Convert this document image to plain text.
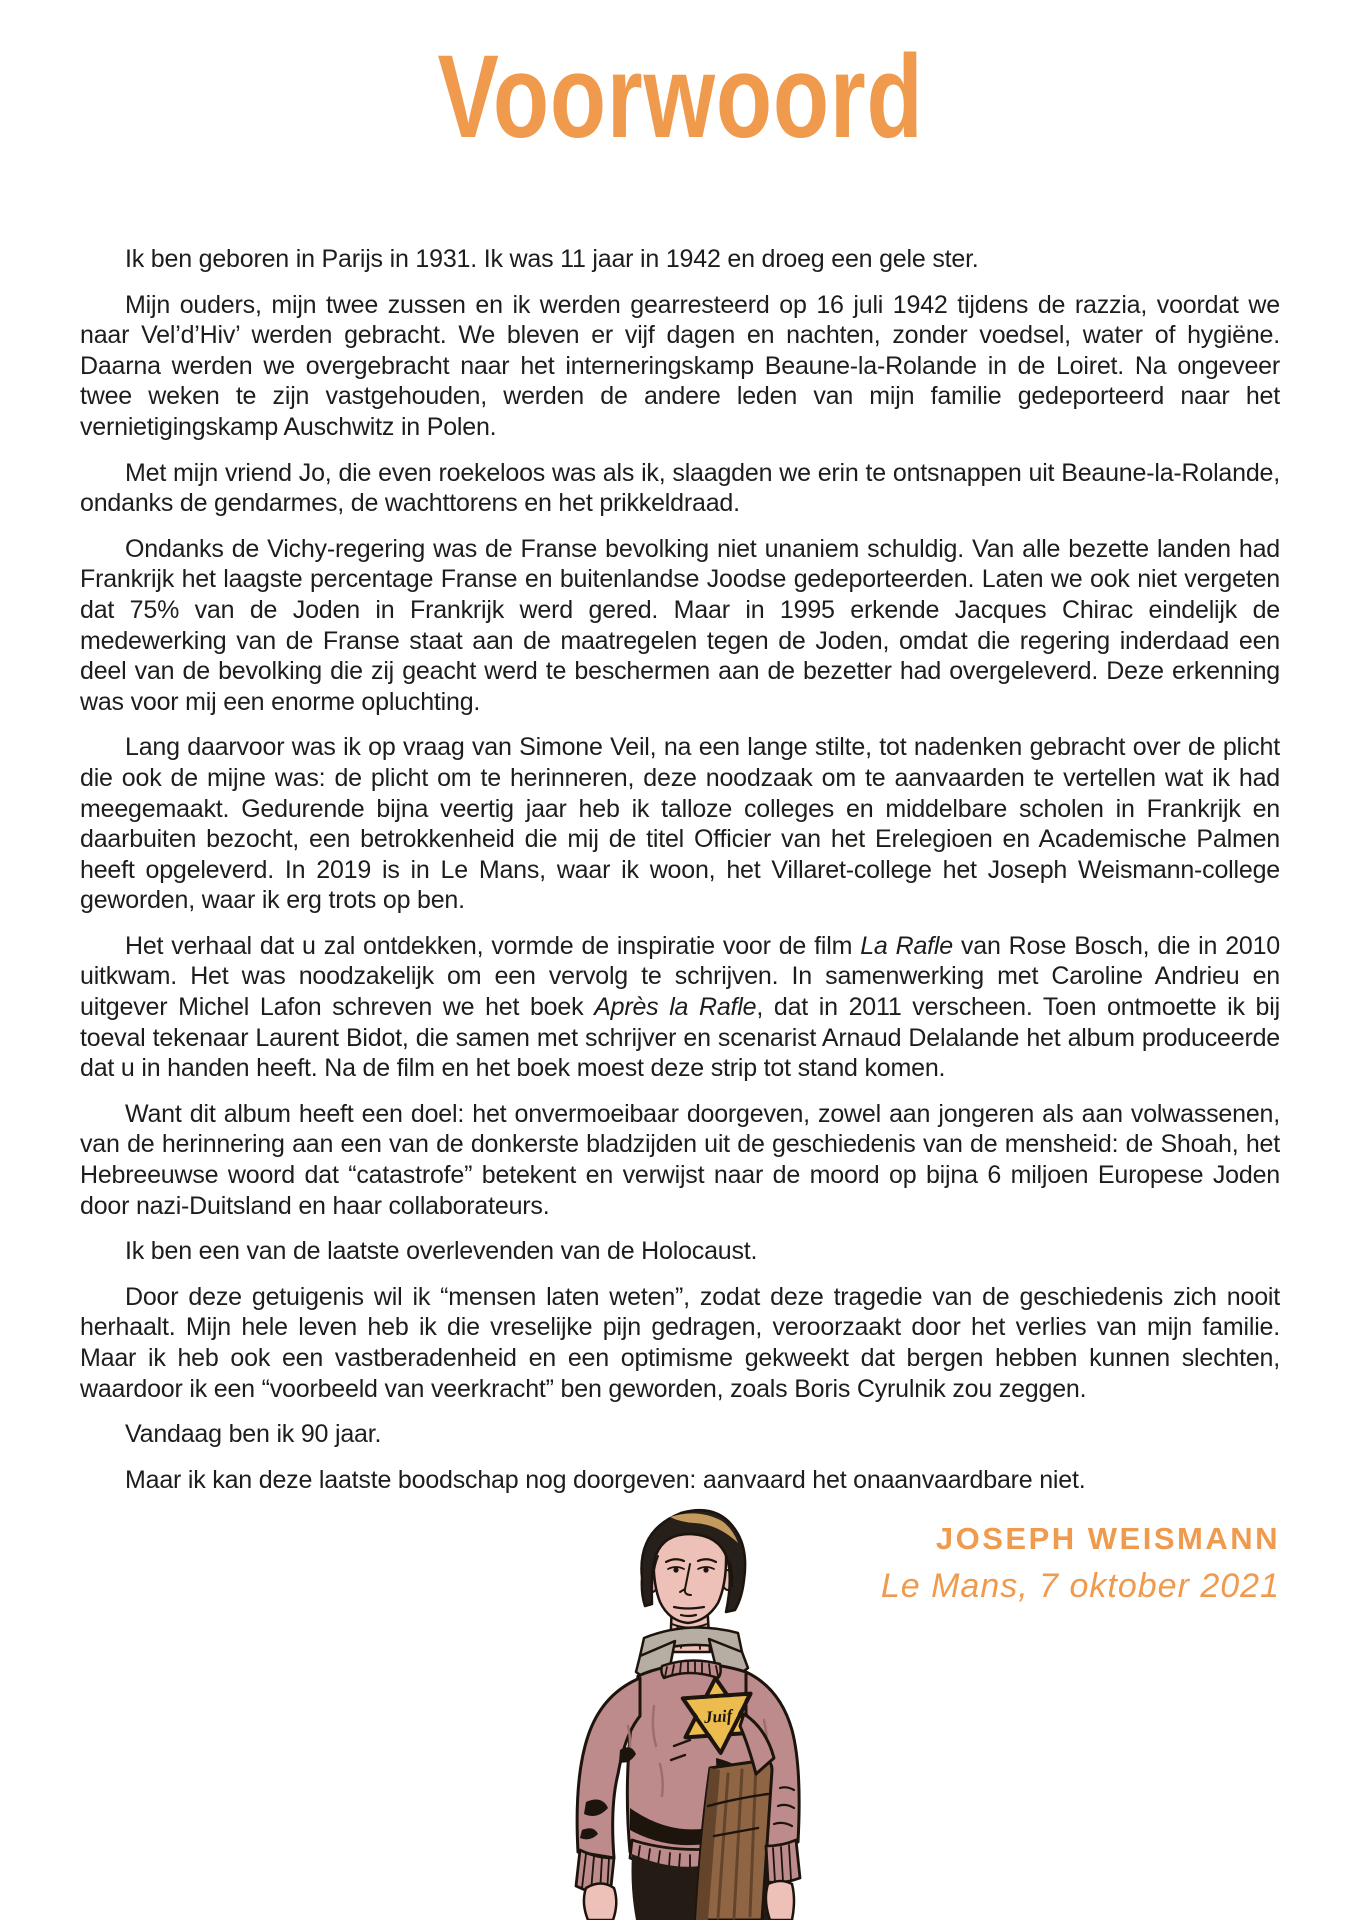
Voorwoord

Ik ben geboren in Parijs in 1931. Ik was 11 jaar in 1942 en droeg een gele ster.

Mijn ouders, mijn twee zussen en ik werden gearresteerd op 16 juli 1942 tijdens de razzia, voordat we naar Vel’d’Hiv’ werden gebracht. We bleven er vijf dagen en nachten, zonder voedsel, water of hygiëne. Daarna werden we overgebracht naar het interneringskamp Beaune-la-Rolande in de Loiret. Na ongeveer twee weken te zijn vastgehouden, werden de andere leden van mijn familie gedeporteerd naar het vernietigingskamp Auschwitz in Polen.

Met mijn vriend Jo, die even roekeloos was als ik, slaagden we erin te ontsnappen uit Beaune-la-Rolande, ondanks de gendarmes, de wachttorens en het prikkeldraad.

Ondanks de Vichy-regering was de Franse bevolking niet unaniem schuldig. Van alle bezette landen had Frankrijk het laagste percentage Franse en buitenlandse Joodse gedeporteerden. Laten we ook niet vergeten dat 75% van de Joden in Frankrijk werd gered. Maar in 1995 erkende Jacques Chirac eindelijk de medewerking van de Franse staat aan de maatregelen tegen de Joden, omdat die regering inderdaad een deel van de bevolking die zij geacht werd te beschermen aan de bezetter had overgeleverd. Deze erkenning was voor mij een enorme opluchting.

Lang daarvoor was ik op vraag van Simone Veil, na een lange stilte, tot nadenken gebracht over de plicht die ook de mijne was: de plicht om te herinneren, deze noodzaak om te aanvaarden te vertellen wat ik had meegemaakt. Gedurende bijna veertig jaar heb ik talloze colleges en middelbare scholen in Frankrijk en daarbuiten bezocht, een betrokkenheid die mij de titel Officier van het Erelegioen en Academische Palmen heeft opgeleverd. In 2019 is in Le Mans, waar ik woon, het Villaret-college het Joseph Weismann-college geworden, waar ik erg trots op ben.

Het verhaal dat u zal ontdekken, vormde de inspiratie voor de film La Rafle van Rose Bosch, die in 2010 uitkwam. Het was noodzakelijk om een vervolg te schrijven. In samenwerking met Caroline Andrieu en uitgever Michel Lafon schreven we het boek Après la Rafle, dat in 2011 verscheen. Toen ontmoette ik bij toeval tekenaar Laurent Bidot, die samen met schrijver en scenarist Arnaud Delalande het album produceerde dat u in handen heeft. Na de film en het boek moest deze strip tot stand komen.

Want dit album heeft een doel: het onvermoeibaar doorgeven, zowel aan jongeren als aan volwassenen, van de herinnering aan een van de donkerste bladzijden uit de geschiedenis van de mensheid: de Shoah, het Hebreeuwse woord dat “catastrofe” betekent en verwijst naar de moord op bijna 6 miljoen Europese Joden door nazi-Duitsland en haar collaborateurs.

Ik ben een van de laatste overlevenden van de Holocaust.

Door deze getuigenis wil ik “mensen laten weten”, zodat deze tragedie van de geschiedenis zich nooit herhaalt. Mijn hele leven heb ik die vreselijke pijn gedragen, veroorzaakt door het verlies van mijn familie. Maar ik heb ook een vastberadenheid en een optimisme gekweekt dat bergen hebben kunnen slechten, waardoor ik een “voorbeeld van veerkracht” ben geworden, zoals Boris Cyrulnik zou zeggen.

Vandaag ben ik 90 jaar.

Maar ik kan deze laatste boodschap nog doorgeven: aanvaard het onaanvaardbare niet.

JOSEPH WEISMANN
Le Mans, 7 oktober 2021
Juif
